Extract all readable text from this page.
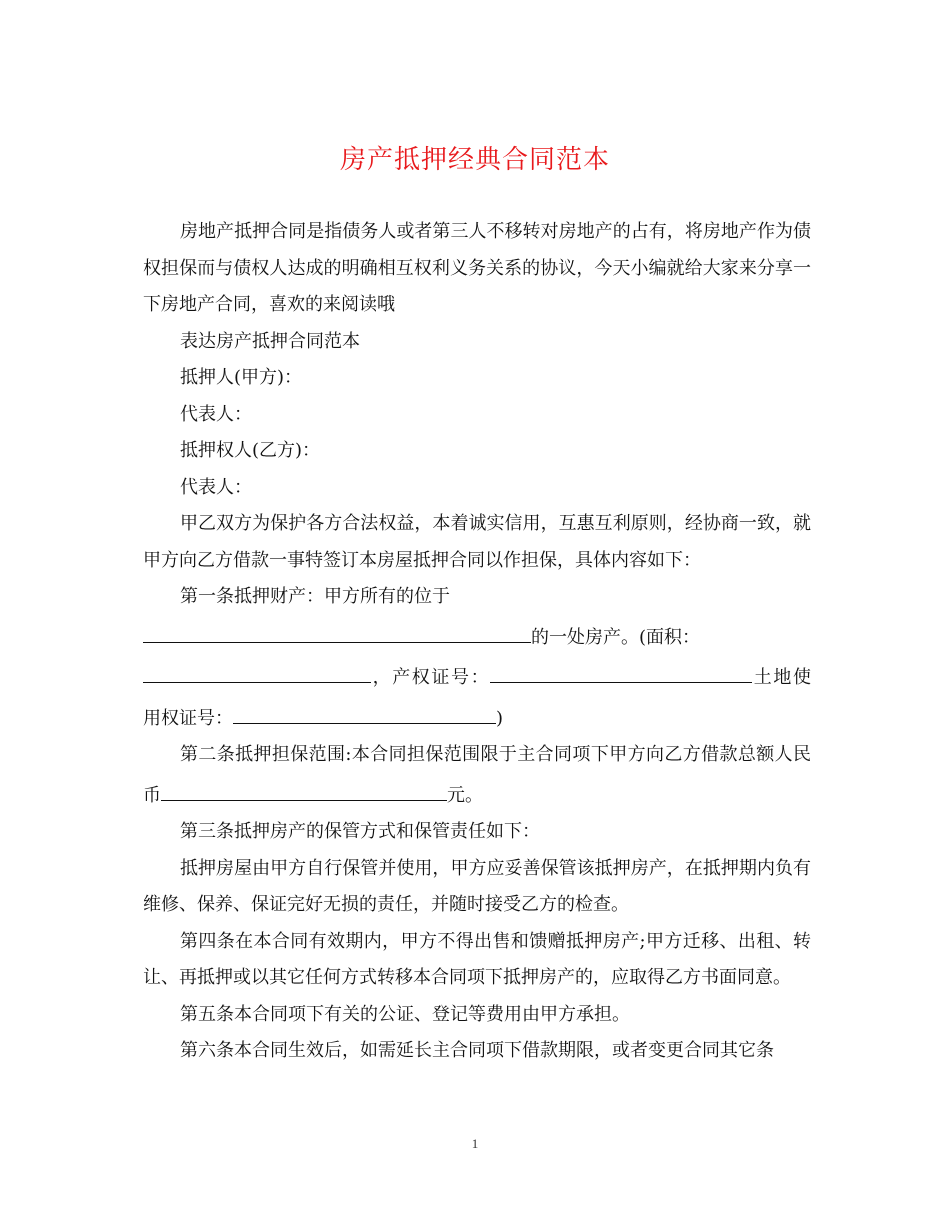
房产抵押经典合同范本

房地产抵押合同是指债务人或者第三人不移转对房地产的占有，将房地产作为债权担保而与债权人达成的明确相互权利义务关系的协议，今天小编就给大家来分享一下房地产合同，喜欢的来阅读哦

表达房产抵押合同范本

抵押人(甲方)：

代表人：

抵押权人(乙方)：

代表人：

甲乙双方为保护各方合法权益，本着诚实信用，互惠互利原则，经协商一致，就甲方向乙方借款一事特签订本房屋抵押合同以作担保，具体内容如下：

第一条抵押财产：甲方所有的位于
的一处房产。(面积：
，产权证号：	土地使用权证号：	)

第二条抵押担保范围:本合同担保范围限于主合同项下甲方向乙方借款总额人民币	元。

第三条抵押房产的保管方式和保管责任如下：

抵押房屋由甲方自行保管并使用，甲方应妥善保管该抵押房产，在抵押期内负有维修、保养、保证完好无损的责任，并随时接受乙方的检查。

第四条在本合同有效期内，甲方不得出售和馈赠抵押房产;甲方迁移、出租、转让、再抵押或以其它任何方式转移本合同项下抵押房产的，应取得乙方书面同意。

第五条本合同项下有关的公证、登记等费用由甲方承担。

第六条本合同生效后，如需延长主合同项下借款期限，或者变更合同其它条

1
